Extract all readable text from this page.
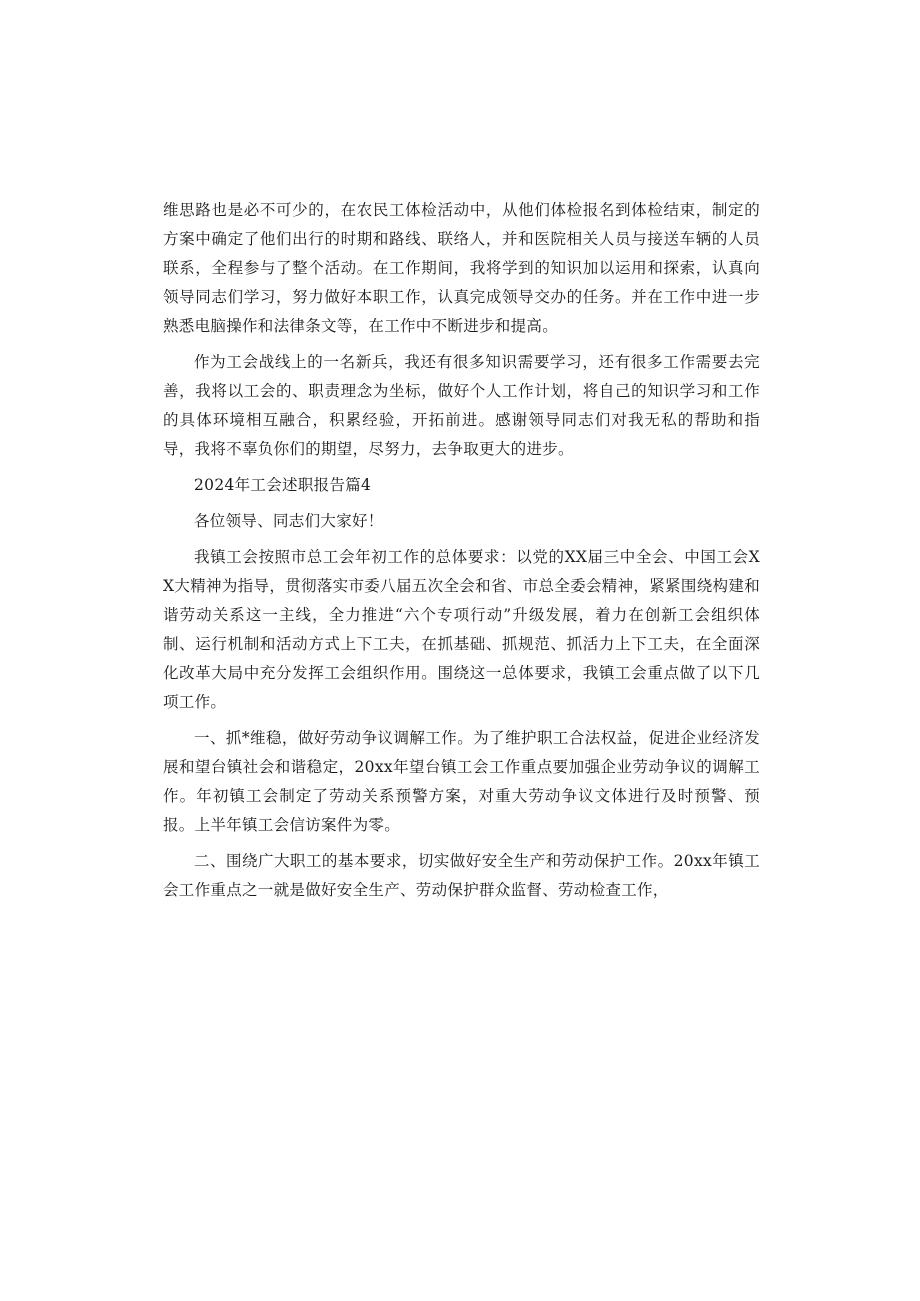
维思路也是必不可少的，在农民工体检活动中，从他们体检报名到体检结束，制定的方案中确定了他们出行的时期和路线、联络人，并和医院相关人员与接送车辆的人员联系，全程参与了整个活动。在工作期间，我将学到的知识加以运用和探索，认真向领导同志们学习，努力做好本职工作，认真完成领导交办的任务。并在工作中进一步熟悉电脑操作和法律条文等，在工作中不断进步和提高。

作为工会战线上的一名新兵，我还有很多知识需要学习，还有很多工作需要去完善，我将以工会的、职责理念为坐标，做好个人工作计划，将自己的知识学习和工作的具体环境相互融合，积累经验，开拓前进。感谢领导同志们对我无私的帮助和指导，我将不辜负你们的期望，尽努力，去争取更大的进步。

2024年工会述职报告篇4

各位领导、同志们大家好！

我镇工会按照市总工会年初工作的总体要求：以党的XX届三中全会、中国工会XX大精神为指导，贯彻落实市委八届五次全会和省、市总全委会精神，紧紧围绕构建和谐劳动关系这一主线，全力推进“六个专项行动”升级发展，着力在创新工会组织体制、运行机制和活动方式上下工夫，在抓基础、抓规范、抓活力上下工夫，在全面深化改革大局中充分发挥工会组织作用。围绕这一总体要求，我镇工会重点做了以下几项工作。

一、抓*维稳，做好劳动争议调解工作。为了维护职工合法权益，促进企业经济发展和望台镇社会和谐稳定，20xx年望台镇工会工作重点要加强企业劳动争议的调解工作。年初镇工会制定了劳动关系预警方案，对重大劳动争议文体进行及时预警、预报。上半年镇工会信访案件为零。

二、围绕广大职工的基本要求，切实做好安全生产和劳动保护工作。20xx年镇工会工作重点之一就是做好安全生产、劳动保护群众监督、劳动检查工作，
